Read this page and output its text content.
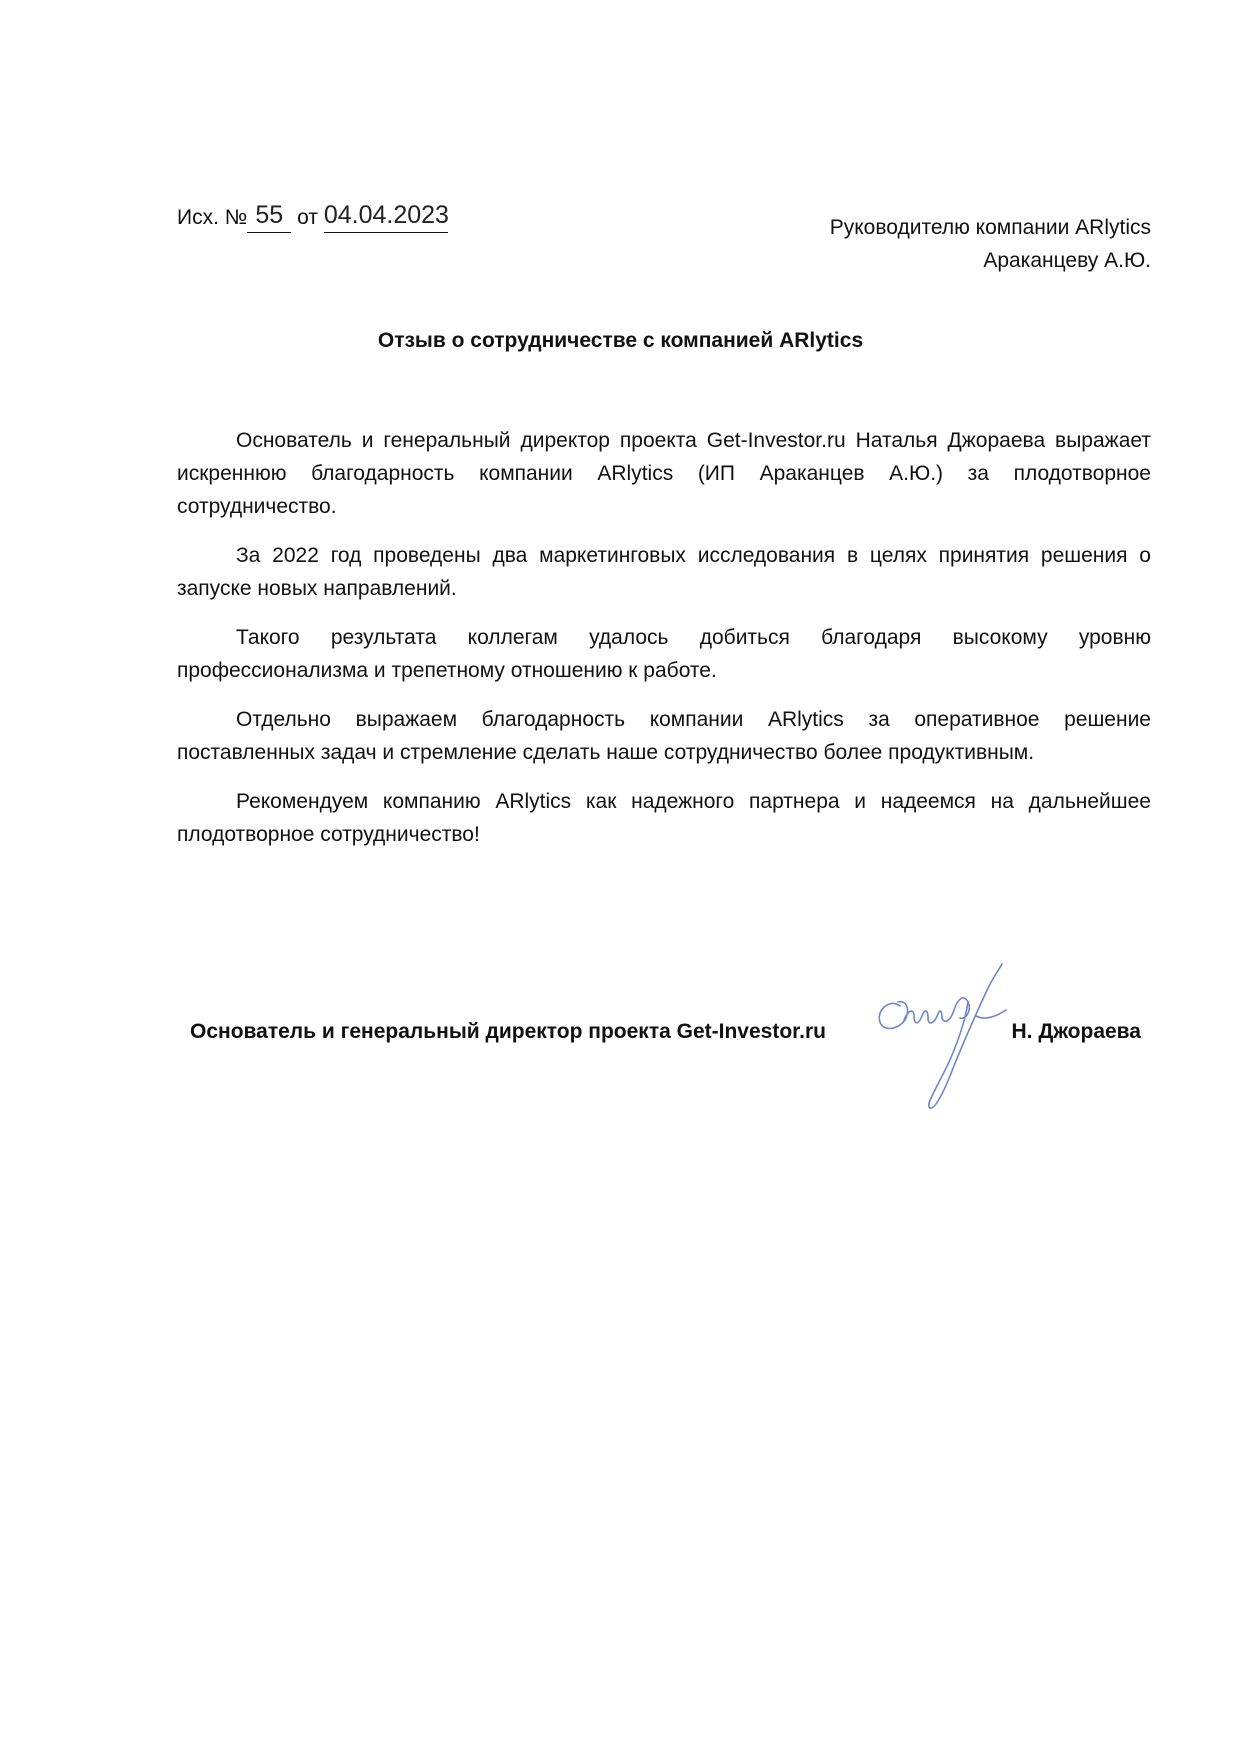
Исх. № 55 от 04.04.2023	Руководителю компании ARlytics
Араканцеву А.Ю.
Отзыв о сотрудничестве с компанией ARlytics

Основатель и генеральный директор проекта Get-Investor.ru Наталья Джораева выражает искреннюю благодарность компании ARlytics (ИП Араканцев А.Ю.) за плодотворное сотрудничество.

За 2022 год проведены два маркетинговых исследования в целях принятия решения о запуске новых направлений.

Такого результата коллегам удалось добиться благодаря высокому уровню профессионализма и трепетному отношению к работе.

Отдельно выражаем благодарность компании ARlytics за оперативное решение поставленных задач и стремление сделать наше сотрудничество более продуктивным.

Рекомендуем компанию ARlytics как надежного партнера и надеемся на дальнейшее плодотворное сотрудничество!

Основатель и генеральный директор проекта Get-Investor.ru	Н. Джораева
